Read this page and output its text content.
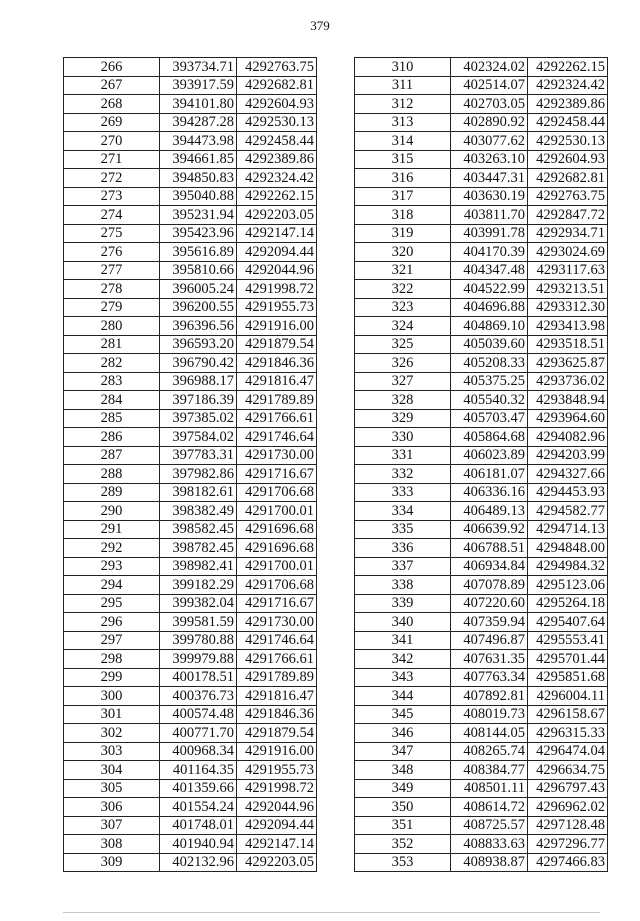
379
266	393734.71	4292763.75
267	393917.59	4292682.81
268	394101.80	4292604.93
269	394287.28	4292530.13
270	394473.98	4292458.44
271	394661.85	4292389.86
272	394850.83	4292324.42
273	395040.88	4292262.15
274	395231.94	4292203.05
275	395423.96	4292147.14
276	395616.89	4292094.44
277	395810.66	4292044.96
278	396005.24	4291998.72
279	396200.55	4291955.73
280	396396.56	4291916.00
281	396593.20	4291879.54
282	396790.42	4291846.36
283	396988.17	4291816.47
284	397186.39	4291789.89
285	397385.02	4291766.61
286	397584.02	4291746.64
287	397783.31	4291730.00
288	397982.86	4291716.67
289	398182.61	4291706.68
290	398382.49	4291700.01
291	398582.45	4291696.68
292	398782.45	4291696.68
293	398982.41	4291700.01
294	399182.29	4291706.68
295	399382.04	4291716.67
296	399581.59	4291730.00
297	399780.88	4291746.64
298	399979.88	4291766.61
299	400178.51	4291789.89
300	400376.73	4291816.47
301	400574.48	4291846.36
302	400771.70	4291879.54
303	400968.34	4291916.00
304	401164.35	4291955.73
305	401359.66	4291998.72
306	401554.24	4292044.96
307	401748.01	4292094.44
308	401940.94	4292147.14
309	402132.96	4292203.05
310	402324.02	4292262.15
311	402514.07	4292324.42
312	402703.05	4292389.86
313	402890.92	4292458.44
314	403077.62	4292530.13
315	403263.10	4292604.93
316	403447.31	4292682.81
317	403630.19	4292763.75
318	403811.70	4292847.72
319	403991.78	4292934.71
320	404170.39	4293024.69
321	404347.48	4293117.63
322	404522.99	4293213.51
323	404696.88	4293312.30
324	404869.10	4293413.98
325	405039.60	4293518.51
326	405208.33	4293625.87
327	405375.25	4293736.02
328	405540.32	4293848.94
329	405703.47	4293964.60
330	405864.68	4294082.96
331	406023.89	4294203.99
332	406181.07	4294327.66
333	406336.16	4294453.93
334	406489.13	4294582.77
335	406639.92	4294714.13
336	406788.51	4294848.00
337	406934.84	4294984.32
338	407078.89	4295123.06
339	407220.60	4295264.18
340	407359.94	4295407.64
341	407496.87	4295553.41
342	407631.35	4295701.44
343	407763.34	4295851.68
344	407892.81	4296004.11
345	408019.73	4296158.67
346	408144.05	4296315.33
347	408265.74	4296474.04
348	408384.77	4296634.75
349	408501.11	4296797.43
350	408614.72	4296962.02
351	408725.57	4297128.48
352	408833.63	4297296.77
353	408938.87	4297466.83
